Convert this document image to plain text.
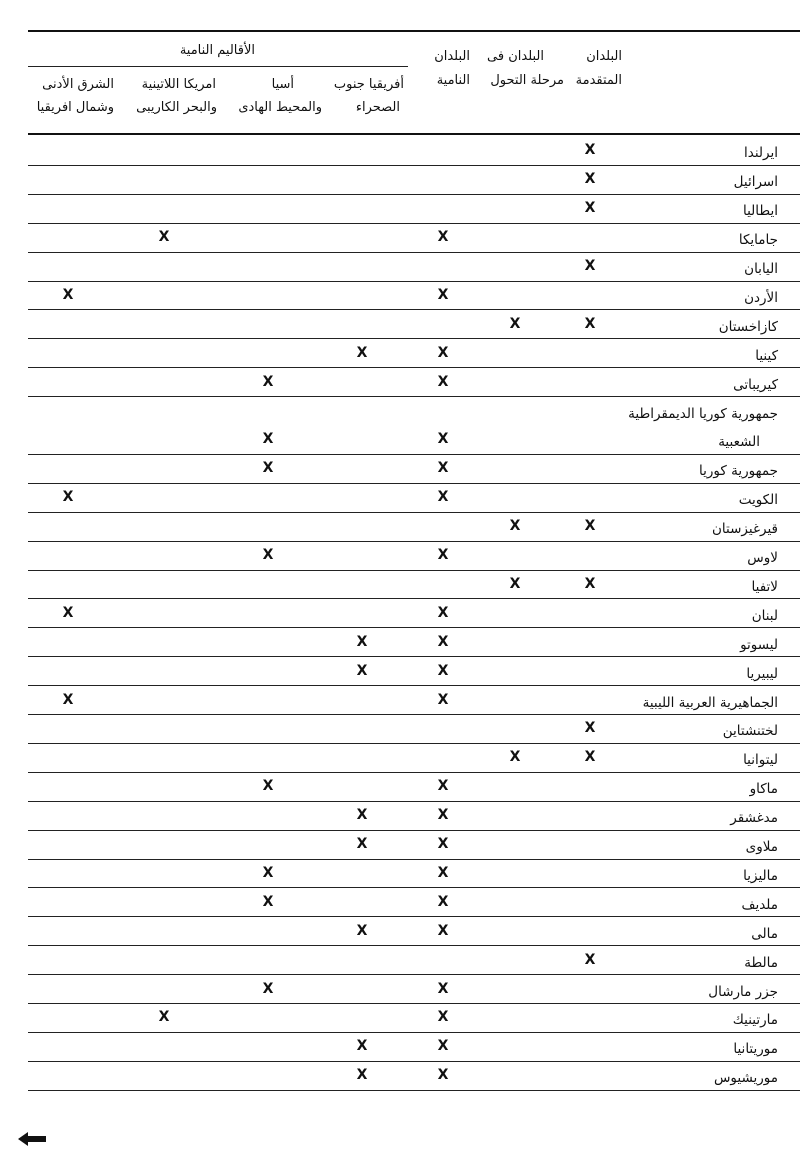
البلدان
المتقدمة
البلدان فى
مرحلة التحول
البلدان
النامية
الأقاليم النامية
أفريقيا جنوب
الصحراء
أسيا
والمحيط الهادى
امريكا اللاتينية
والبحر الكاريبى
الشرق الأدنى
وشمال افريقيا
ايرلندا
X
اسرائيل
X
ايطاليا
X
جامايكا
X
X
اليابان
X
الأردن
X
X
كازاخستان
X
X
كينيا
X
X
كيريباتى
X
X
جمهورية كوريا الديمقراطية
الشعبية
X
X
جمهورية كوريا
X
X
الكويت
X
X
قيرغيزستان
X
X
لاوس
X
X
لاتفيا
X
X
لبنان
X
X
ليسوتو
X
X
ليبيريا
X
X
الجماهيرية العربية الليبية
X
X
لختنشتاين
X
ليتوانيا
X
X
ماكاو
X
X
مدغشقر
X
X
ملاوى
X
X
ماليزيا
X
X
ملديف
X
X
مالى
X
X
مالطة
X
جزر مارشال
X
X
مارتينيك
X
X
موريتانيا
X
X
موريشيوس
X
X
